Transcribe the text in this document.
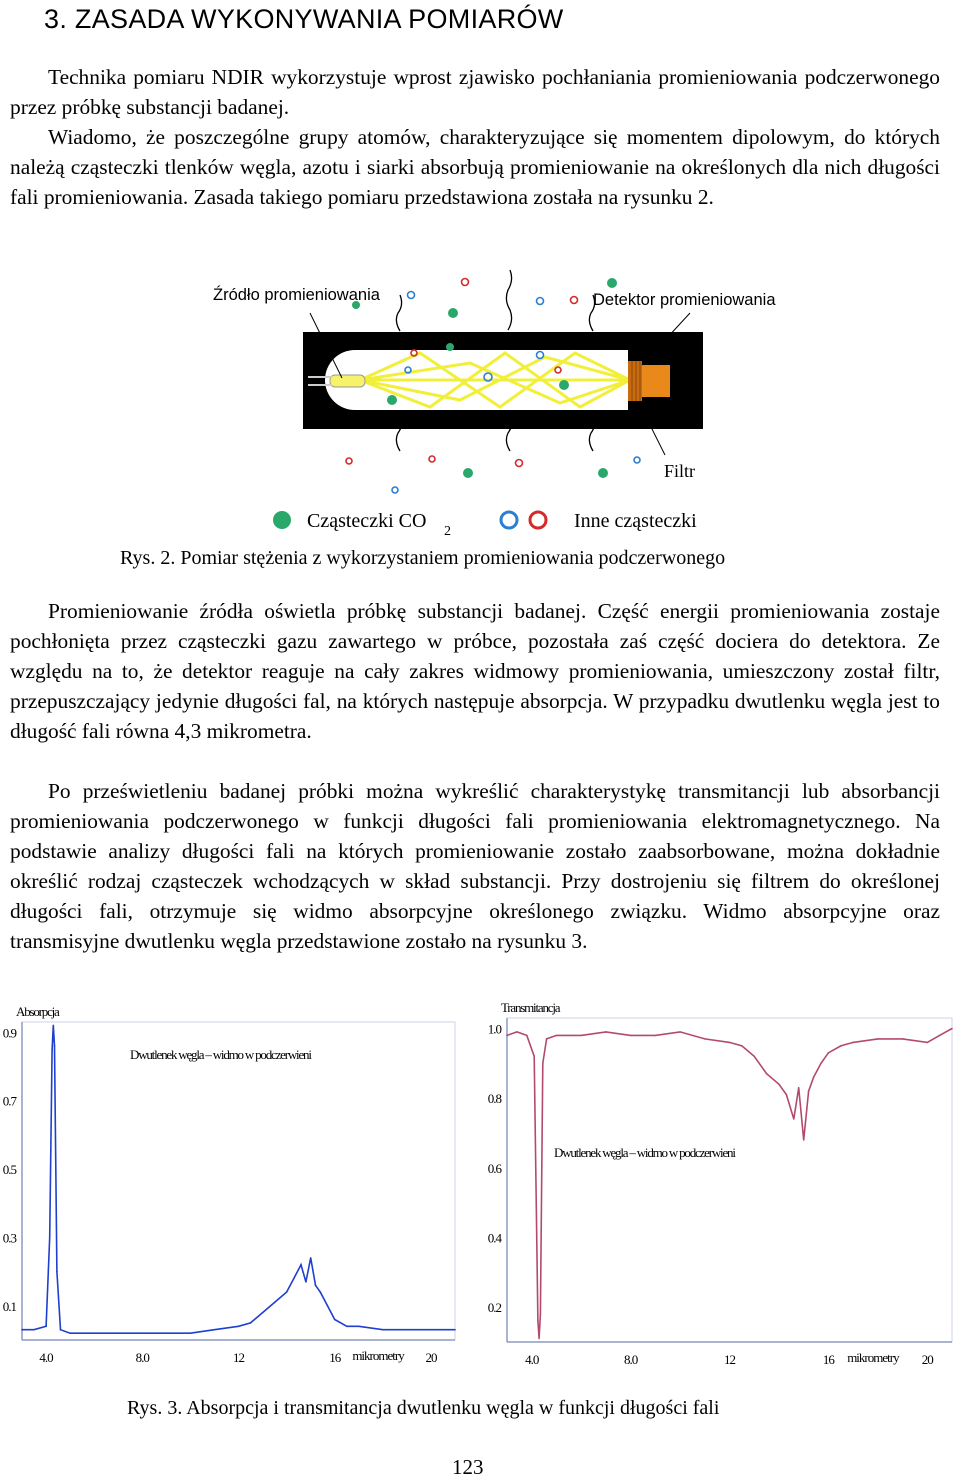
3. ZASADA WYKONYWANIA POMIARÓW

Technika pomiaru NDIR wykorzystuje wprost zjawisko pochłaniania promieniowania podczerwonego przez próbkę substancji badanej.

Wiadomo, że poszczególne grupy atomów, charakteryzujące się momentem dipolowym, do których należą cząsteczki tlenków węgla, azotu i siarki absorbują promieniowanie na określonych dla nich długości fali promieniowania. Zasada takiego pomiaru przedstawiona została na rysunku 2.

Źródło promieniowania	Detektor promieniowania
Filtr
Cząsteczki CO 2	Inne cząsteczki
Rys. 2. Pomiar stężenia z wykorzystaniem promieniowania podczerwonego

Promieniowanie źródła oświetla próbkę substancji badanej. Część energii promieniowania zostaje pochłonięta przez cząsteczki gazu zawartego w próbce, pozostała zaś część dociera do detektora. Ze względu na to, że detektor reaguje na cały zakres widmowy promieniowania, umieszczony został filtr, przepuszczający jedynie długości fal, na których następuje absorpcja. W przypadku dwutlenku węgla jest to długość fali równa 4,3 mikrometra.

Po prześwietleniu badanej próbki można wykreślić charakterystykę transmitancji lub absorbancji promieniowania podczerwonego w funkcji długości fali promieniowania elektromagnetycznego. Na podstawie analizy długości fali na których promieniowanie zostało zaabsorbowane, można dokładnie określić rodzaj cząsteczek wchodzących w skład substancji. Przy dostrojeniu się filtrem do określonej długości fali, otrzymuje się widmo absorpcyjne określonego związku. Widmo absorpcyjne oraz transmisyjne dwutlenku węgla przedstawione zostało na rysunku 3.

0.9
0.7
0.5
0.3
0.1
4.0	8.0	12	16	20
mikrometry
Absorpcja
Dwutlenek węgla – widmo w podczerwieni
1.0
0.8
0.6
0.4
0.2
4.0	8.0	12	16	20
mikrometry
Transmitancja
Dwutlenek węgla – widmo w podczerwieni
Rys. 3. Absorpcja i transmitancja dwutlenku węgla w funkcji długości fali
123
